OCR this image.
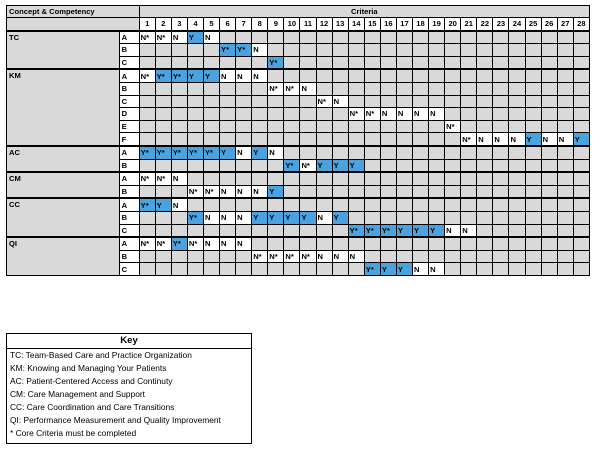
Concept & Competency		Criteria																											
		1	2	3	4	5	6	7	8	9	10	11	12	13	14	15	16	17	18	19	20	21	22	23	24	25	26	27	28
TC	A	N*	N*	N	Y	N																							
	B						Y*	Y*	N																				
	C									Y*																			
KM	A	N*	Y*	Y*	Y	Y	N	N	N																				
	B									N*	N*	N																	
	C												N*	N															
	D														N*	N*	N	N	N	N									
	E																				N*								
	F																					N*	N	N	N	Y	N	N	Y
AC	A	Y*	Y*	Y*	Y*	Y*	Y	N	Y	N																			
	B										Y*	N*	Y	Y	Y														
CM	A	N*	N*	N																									
	B				N*	N*	N	N	N	Y																			
CC	A	Y*	Y	N																									
	B				Y*	N	N	N	Y	Y	Y	Y	N	Y															
	C														Y*	Y*	Y*	Y	Y	Y	N	N							
QI	A	N*	N*	Y*	N*	N	N	N																					
	B								N*	N*	N*	N*	N	N	N														
	C															Y*	Y	Y	N	N									
Key
TC: Team-Based Care and Practice Organization
KM: Knowing and Managing Your Patients
AC: Patient-Centered Access and Continuty
CM: Care Management and Support
CC: Care Coordination and Care Transitions
QI: Performance Measurement and Quality Improvement
* Core Criteria must be completed
